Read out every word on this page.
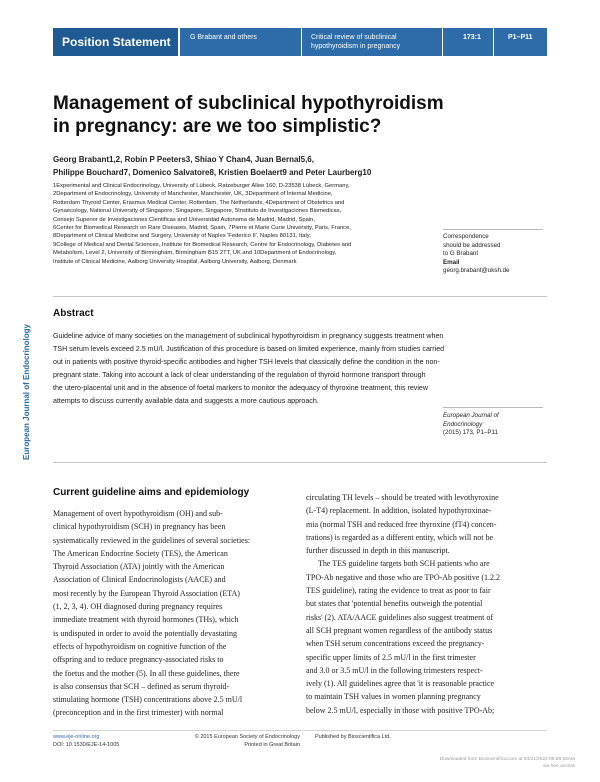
Position Statement	G Brabant and others	Critical review of subclinical
hypothyroidism in pregnancy
173:1	P1–P11
European Journal of Endocrinology
Management of subclinical hypothyroidism
in pregnancy: are we too simplistic?
Georg Brabant1,2, Robin P Peeters3, Shiao Y Chan4, Juan Bernal5,6,
Philippe Bouchard7, Domenico Salvatore8, Kristien Boelaert9 and Peter Laurberg10
1Experimental and Clinical Endocrinology, University of Lübeck, Ratzeburger Allee 160, D-23538 Lübeck, Germany,
2Department of Endocrinology, University of Manchester, Manchester, UK, 3Department of Internal Medicine,
Rotterdam Thyroid Center, Erasmus Medical Center, Rotterdam, The Netherlands, 4Department of Obstetrics and
Gynaecology, National University of Singapore, Singapore, Singapore, 5Instituto de Investigaciones Biomedicas,
Consejo Superior de Investigaciones Cientificas and Universidad Autonoma de Madrid, Madrid, Spain,
6Center for Biomedical Research on Rare Diseases, Madrid, Spain, 7Pierre et Marie Curie University, Paris, France,
8Department of Clinical Medicine and Surgery, University of Naples 'Federico II', Naples 80131, Italy,
9College of Medical and Dental Sciences, Institute for Biomedical Research, Centre for Endocrinology, Diabetes and
Metabolism, Level 2, University of Birmingham, Birmingham B15 2TT, UK and 10Department of Endocrinology,
Institute of Clinical Medicine, Aalborg University Hospital, Aalborg University, Aalborg, Denmark
Correspondence
should be addressed
to G Brabant
Email
georg.brabant@uksh.de
Abstract
Guideline advice of many societies on the management of subclinical hypothyroidism in pregnancy suggests treatment when
TSH serum levels exceed 2.5 mU/l. Justification of this procedure is based on limited experience, mainly from studies carried
out in patients with positive thyroid-specific antibodies and higher TSH levels that classically define the condition in the non-
pregnant state. Taking into account a lack of clear understanding of the regulation of thyroid hormone transport through
the utero-placental unit and in the absence of foetal markers to monitor the adequacy of thyroxine treatment, this review
attempts to discuss currently available data and suggests a more cautious approach.
European Journal of
Endocrinology
(2015) 173, P1–P11
Current guideline aims and epidemiology
Management of overt hypothyroidism (OH) and sub-
clinical hypothyroidism (SCH) in pregnancy has been
systematically reviewed in the guidelines of several societies:
The American Endocrine Society (TES), the American
Thyroid Association (ATA) jointly with the American
Association of Clinical Endocrinologists (AACE) and
most recently by the European Thyroid Association (ETA)
(1, 2, 3, 4). OH diagnosed during pregnancy requires
immediate treatment with thyroid hormones (THs), which
is undisputed in order to avoid the potentially devastating
effects of hypothyroidism on cognitive function of the
offspring and to reduce pregnancy-associated risks to
the foetus and the mother (5). In all these guidelines, there
is also consensus that SCH – defined as serum thyroid-
stimulating hormone (TSH) concentrations above 2.5 mU/l
(preconception and in the first trimester) with normal
circulating TH levels – should be treated with levothyroxine
(L-T4) replacement. In addition, isolated hypothyroxinae-
mia (normal TSH and reduced free thyroxine (fT4) concen-
trations) is regarded as a different entity, which will not be
further discussed in depth in this manuscript.
The TES guideline targets both SCH patients who are
TPO-Ab negative and those who are TPO-Ab positive (1.2.2
TES guideline), rating the evidence to treat as poor to fair
but states that 'potential benefits outweigh the potential
risks' (2). ATA/AACE guidelines also suggest treatment of
all SCH pregnant women regardless of the antibody status
when TSH serum concentrations exceed the pregnancy-
specific upper limits of 2.5 mU/l in the first trimester
and 3.0 or 3.5 mU/l in the following trimesters respect-
ively (1). All guidelines agree that 'it is reasonable practice
to maintain TSH values in women planning pregnancy
below 2.5 mU/l, especially in those with positive TPO-Ab;
www.eje-online.org
DOI: 10.1530/EJE-14-1005
© 2015 European Society of Endocrinology
Printed in Great Britain
Published by Bioscientifica Ltd.
Downloaded from Bioscientifica.com at 04/21/2022 09:58:54AM
via free access
